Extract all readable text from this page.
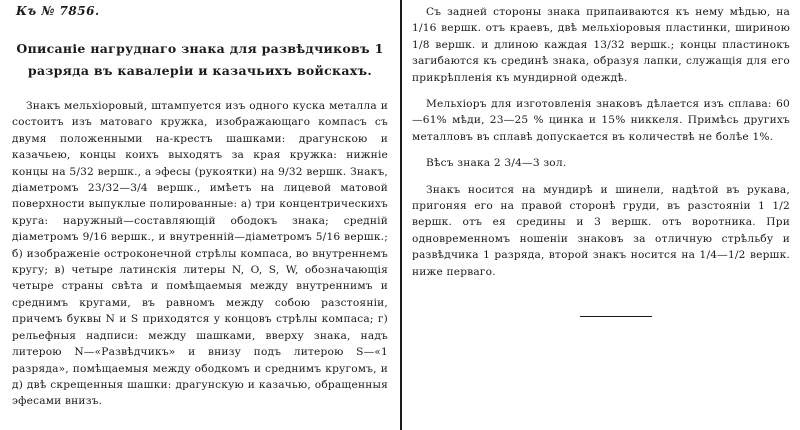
Къ № 7856.
Описаніе нагруднаго знака для развѣдчиковъ 1 разряда въ кавалеріи и казачьихъ войскахъ.

Знакъ мельхіоровый, штампуется изъ одного куска металла и состоитъ изъ матоваго кружка, изображающаго компасъ съ двумя положенными на-крестъ шашками: драгунскою и казачьею, концы коихъ выходятъ за края кружка: нижніе концы на 5/32 вершк., а эфесы (рукоятки) на 9/32 вершк. Знакъ, діаметромъ 23/32—3/4 вершк., имѣетъ на лицевой матовой поверхности выпуклые полированные: а) три концентрическихъ круга: наружный—составляющій ободокъ знака; средній діаметромъ 9/16 вершк., и внутренній—діаметромъ 5/16 вершк.; б) изображеніе остроконечной стрѣлы компаса, во внутреннемъ кругу; в) четыре латинскія литеры N, O, S, W, обозначающія четыре страны свѣта и помѣщаемыя между внутреннимъ и среднимъ кругами, въ равномъ между собою разстояніи, причемъ буквы N и S приходятся у концовъ стрѣлы компаса; г) рельефныя надписи: между шашками, вверху знака, надъ литерою N—«Развѣдчикъ» и внизу подъ литерою S—«1 разряда», помѣщаемыя между ободкомъ и среднимъ кругомъ, и д) двѣ скрещенныя шашки: драгунскую и казачью, обращенныя эфесами внизъ.

Съ задней стороны знака припаиваются къ нему мѣдью, на 1/16 вершк. отъ краевъ, двѣ мельхіоровыя пластинки, шириною 1/8 вершк. и длиною каждая 13/32 вершк.; концы пластинокъ загибаются къ срединѣ знака, образуя лапки, служащія для его прикрѣпленія къ мундирной одеждѣ.

Мельхіоръ для изготовленія знаковъ дѣлается изъ сплава: 60—61% мѣди, 23—25 % цинка и 15% никкеля. Примѣсь другихъ металловъ въ сплавѣ допускается въ количествѣ не болѣе 1%.

Вѣсъ знака 2 3/4—3 зол.

Знакъ носится на мундирѣ и шинели, надѣтой въ рукава, пригоняя его на правой сторонѣ груди, въ разстояніи 1 1/2 вершк. отъ ея средины и 3 вершк. отъ воротника. При одновременномъ ношеніи знаковъ за отличную стрѣльбу и развѣдчика 1 разряда, второй знакъ носится на 1/4—1/2 вершк. ниже перваго.
